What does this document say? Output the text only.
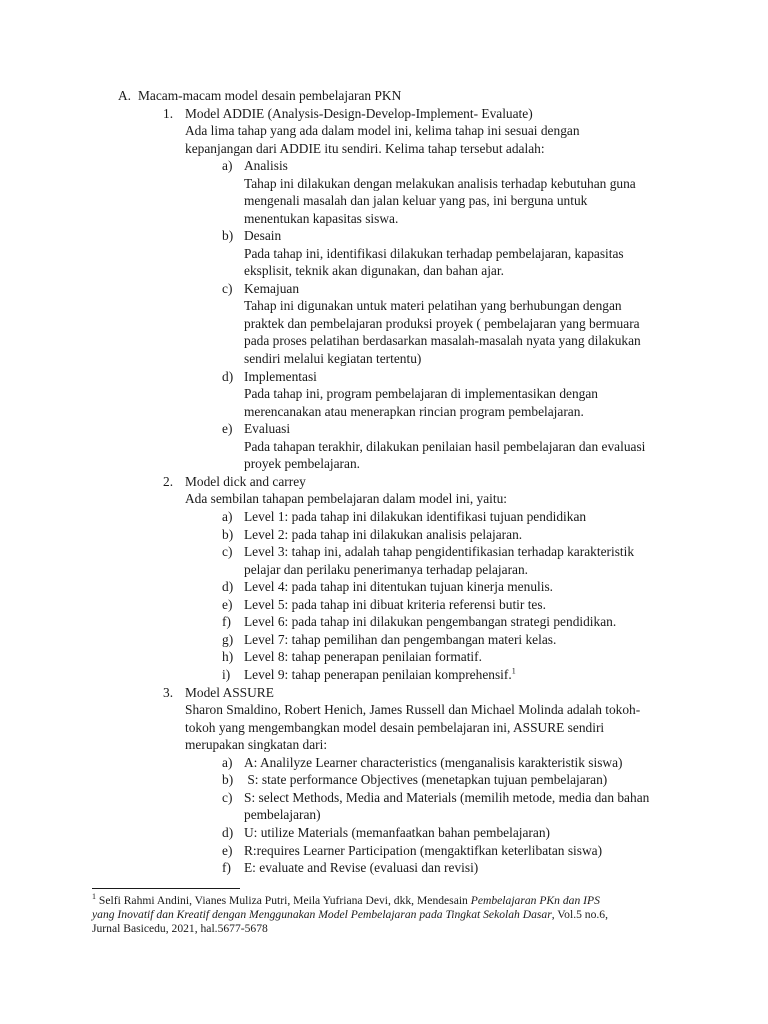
A. Macam-macam model desain pembelajaran PKN
1. Model ADDIE (Analysis-Design-Develop-Implement- Evaluate)
Ada lima tahap yang ada dalam model ini, kelima tahap ini sesuai dengan
kepanjangan dari ADDIE itu sendiri. Kelima tahap tersebut adalah:
a) Analisis
Tahap ini dilakukan dengan melakukan analisis terhadap kebutuhan guna
mengenali masalah dan jalan keluar yang pas, ini berguna untuk
menentukan kapasitas siswa.
b) Desain
Pada tahap ini, identifikasi dilakukan terhadap pembelajaran, kapasitas
eksplisit, teknik akan digunakan, dan bahan ajar.
c) Kemajuan
Tahap ini digunakan untuk materi pelatihan yang berhubungan dengan
praktek dan pembelajaran produksi proyek ( pembelajaran yang bermuara
pada proses pelatihan berdasarkan masalah-masalah nyata yang dilakukan
sendiri melalui kegiatan tertentu)
d) Implementasi
Pada tahap ini, program pembelajaran di implementasikan dengan
merencanakan atau menerapkan rincian program pembelajaran.
e) Evaluasi
Pada tahapan terakhir, dilakukan penilaian hasil pembelajaran dan evaluasi
proyek pembelajaran.
2. Model dick and carrey
Ada sembilan tahapan pembelajaran dalam model ini, yaitu:
a) Level 1: pada tahap ini dilakukan identifikasi tujuan pendidikan
b) Level 2: pada tahap ini dilakukan analisis pelajaran.
c) Level 3: tahap ini, adalah tahap pengidentifikasian terhadap karakteristik
pelajar dan perilaku penerimanya terhadap pelajaran.
d) Level 4: pada tahap ini ditentukan tujuan kinerja menulis.
e) Level 5: pada tahap ini dibuat kriteria referensi butir tes.
f) Level 6: pada tahap ini dilakukan pengembangan strategi pendidikan.
g) Level 7: tahap pemilihan dan pengembangan materi kelas.
h) Level 8: tahap penerapan penilaian formatif.
i) Level 9: tahap penerapan penilaian komprehensif.$^1$
3. Model ASSURE
Sharon Smaldino, Robert Henich, James Russell dan Michael Molinda adalah tokoh-
tokoh yang mengembangkan model desain pembelajaran ini, ASSURE sendiri
merupakan singkatan dari:
a) A: Analilyze Learner characteristics (menganalisis karakteristik siswa)
b) S: state performance Objectives (menetapkan tujuan pembelajaran)
c) S: select Methods, Media and Materials (memilih metode, media dan bahan
pembelajaran)
d) U: utilize Materials (memanfaatkan bahan pembelajaran)
e) R:requires Learner Participation (mengaktifkan keterlibatan siswa)
f) E: evaluate and Revise (evaluasi dan revisi)
$^1$ Selfi Rahmi Andini, Vianes Muliza Putri, Meila Yufriana Devi, dkk, Mendesain Pembelajaran PKn dan IPS
yang Inovatif dan Kreatif dengan Menggunakan Model Pembelajaran pada Tingkat Sekolah Dasar, Vol.5 no.6,
Jurnal Basicedu, 2021, hal.5677-5678
